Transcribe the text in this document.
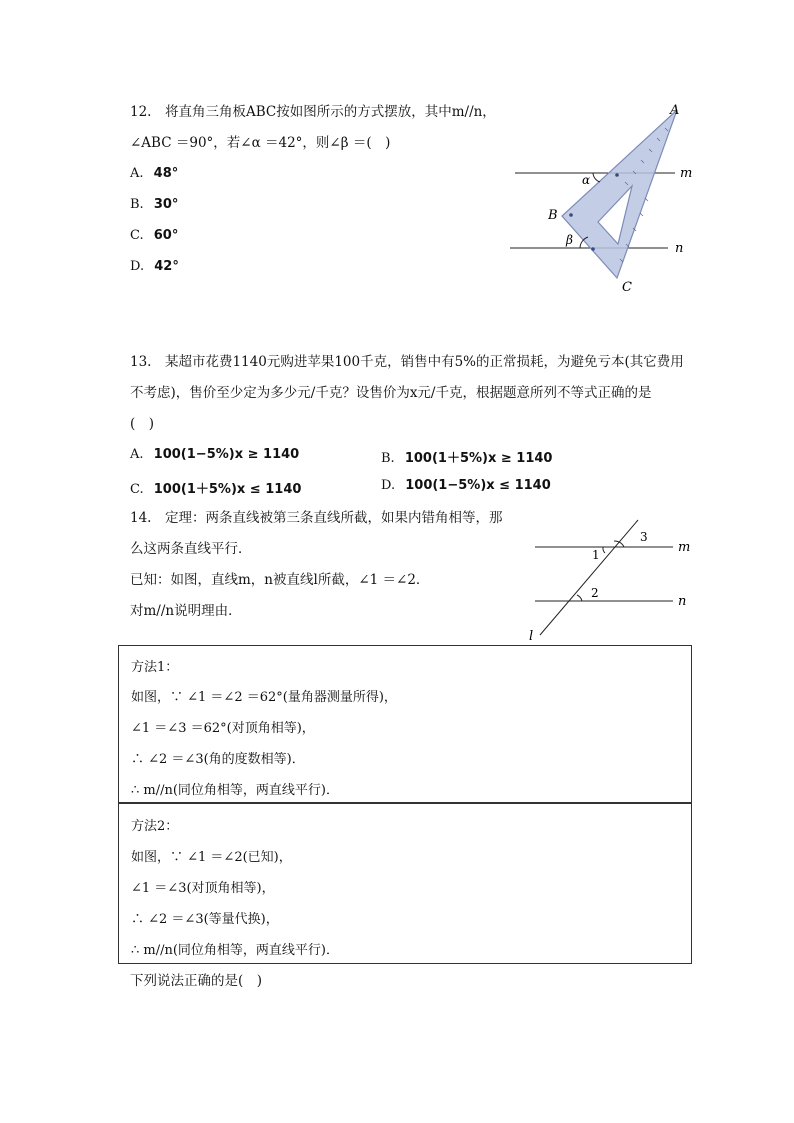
12.　将直角三角板ABC按如图所示的方式摆放，其中m//n，
∠ABC ＝90°，若∠α ＝42°，则∠β ＝(　)
A. 48°
B. 30°
C. 60°
D. 42°
A
B
C
m
n
α
β
13.　某超市花费1140元购进苹果100千克，销售中有5%的正常损耗，为避免亏本(其它费用
不考虑)，售价至少定为多少元/千克？设售价为x元/千克，根据题意所列不等式正确的是
(　)
A. 100(1−5%)x ≥ 1140	B. 100(1＋5%)x ≥ 1140
C. 100(1＋5%)x ≤ 1140	D. 100(1−5%)x ≤ 1140
14.　定理：两条直线被第三条直线所截，如果内错角相等，那
么这两条直线平行．
已知：如图，直线m，n被直线l所截，∠1 ＝∠2．
对m//n说明理由．
1
2
3
m
n
l
方法1：
如图，∵ ∠1 ＝∠2 ＝62°(量角器测量所得)，
∠1 ＝∠3 ＝62°(对顶角相等)，
∴ ∠2 ＝∠3(角的度数相等)．
∴ m//n(同位角相等，两直线平行)．
方法2：
如图，∵ ∠1 ＝∠2(已知)，
∠1 ＝∠3(对顶角相等)，
∴ ∠2 ＝∠3(等量代换)，
∴ m//n(同位角相等，两直线平行)．
下列说法正确的是(　)
